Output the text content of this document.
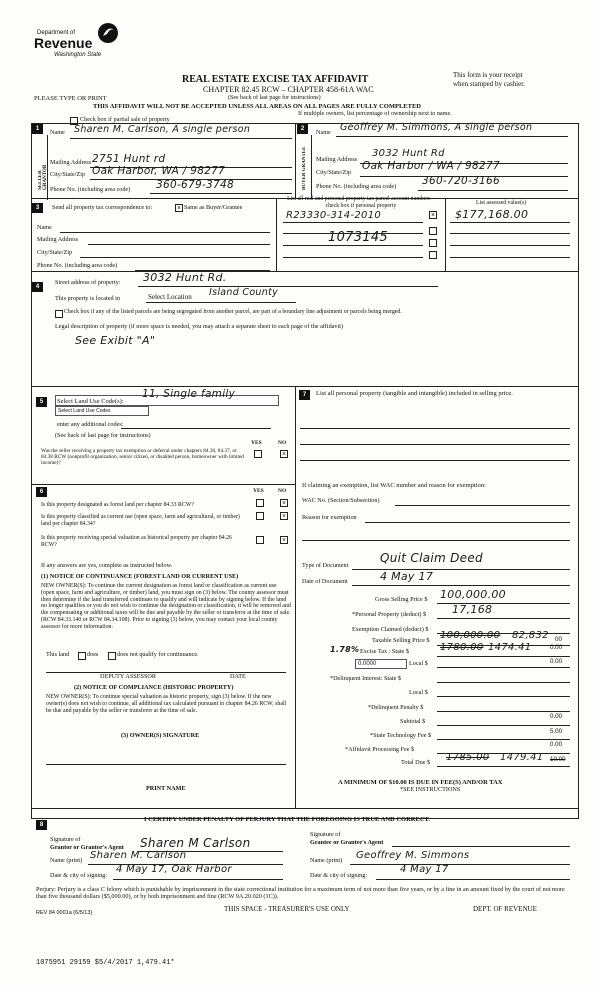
Department of
Revenue
Washington State
REAL ESTATE EXCISE TAX AFFIDAVIT
CHAPTER 82.45 RCW – CHAPTER 458-61A WAC
(See back of last page for instructions)
This form is your receipt
when stamped by cashier.
PLEASE TYPE OR PRINT
THIS AFFIDAVIT WILL NOT BE ACCEPTED UNLESS ALL AREAS ON ALL PAGES ARE FULLY COMPLETED
Check box if partial sale of property
If multiple owners, list percentage of ownership next to name.
1
SELLER GRANTOR
Name Sharen M. Carlson, A single person
Mailing Address 2751 Hunt rd
City/State/Zip Oak Harbor, WA / 98277
Phone No. (including area code) 360-679-3748
2
BUYER GRANTEE
Name Geoffrey M. Simmons, A single person
Mailing Address
3032 Hunt Rd
City/State/Zip
Oak Harbor / WA / 98277
Phone No. (including area code) 360-720-3166
3	Send all property tax correspondence to:	× Same as Buyer/Grantee
Name
Mailing Address
City/State/Zip
Phone No. (including area code)
List all real and personal property tax parcel account numbers – check box if personal property	List assessed value(s)
R23330-314-2010	× $177,168.00
1073145
4
Street address of property: 3032 Hunt Rd.
This property is located in	Select Location Island County
Check box if any of the listed parcels are being segregated from another parcel, are part of a boundary line adjustment or parcels being merged.
Legal description of property (if more space is needed, you may attach a separate sheet to each page of the affidavit)
See Exibit "A"
5	Select Land Use Code(s):
11, Single family
Select Land Use Codes
enter any additional codes:
(See back of last page for instructions)
YES	NO
Was the seller receiving a property tax exemption or deferral under chapters 84.36, 84.37, or 84.38 RCW (nonprofit organization, senior citizen, or disabled person, homeowner with limited income)?
×
7	List all personal property (tangible and intangible) included in selling price.
If claiming an exemption, list WAC number and reason for exemption:
WAC No. (Section/Subsection)
Reason for exemption
Type of Document
Quit Claim Deed
Date of Document	4 May 17
Gross Selling Price $ 100,000.00
*Personal Property (deduct) $ 17,168
Exemption Claimed (deduct) $
Taxable Selling Price $ 100,000.00 82,832 00
1.78% Excise Tax : State $	1780.00 1474.41	0.00
0.0000	Local $	0.00
*Delinquent Interest: State $
Local $
*Delinquent Penalty $
Subtotal $
0.00
*State Technology Fee $
5.00
*Affidavit Processing Fee $
0.00
Total Due $ 1785.00 1479.41 10.00
A MINIMUM OF $10.00 IS DUE IN FEE(S) AND/OR TAX
*SEE INSTRUCTIONS
6	YES	NO
Is this property designated as forest land per chapter 84.33 RCW?	×
Is this property classified as current use (open space, farm and agricultural, or timber) land per chapter 84.34?
×
Is this property receiving special valuation as historical property per chapter 84.26 RCW?
×
If any answers are yes, complete as instructed below.
(1) NOTICE OF CONTINUANCE (FOREST LAND OR CURRENT USE)
NEW OWNER(S): To continue the current designation as forest land or classification as current use (open space, farm and agriculture, or timber) land, you must sign on (3) below. The county assessor must then determine if the land transferred continues to qualify and will indicate by signing below. If the land no longer qualifies or you do not wish to continue the designation or classification, it will be removed and the compensating or additional taxes will be due and payable by the seller or transferor at the time of sale. (RCW 84.33.140 or RCW 84.34.108). Prior to signing (3) below, you may contact your local county assessor for more information.
This land	does	does not qualify for continuance.
DEPUTY ASSESSOR	DATE
(2) NOTICE OF COMPLIANCE (HISTORIC PROPERTY)
NEW OWNER(S): To continue special valuation as historic property, sign (3) below. If the new owner(s) does not wish to continue, all additional tax calculated pursuant to chapter 84.26 RCW, shall be due and payable by the seller or transferor at the time of sale.
(3) OWNER(S) SIGNATURE
PRINT NAME
8
I CERTIFY UNDER PENALTY OF PERJURY THAT THE FOREGOING IS TRUE AND CORRECT.
Signature of
Grantor or Grantor's Agent Sharen M Carlson
Name (print) Sharen M. Carlson
Date & city of signing:
4 May 17, Oak Harbor
Signature of
Grantee or Grantee's Agent
Name (print) Geoffrey M. Simmons
Date & city of signing:
4 May 17
Perjury: Perjury is a class C felony which is punishable by imprisonment in the state correctional institution for a maximum term of not more than five years, or by a fine in an amount fixed by the court of not more than five thousand dollars ($5,000.00), or by both imprisonment and fine (RCW 9A.20.020 (1C)).
REV 84 0001a (6/5/13)	THIS SPACE - TREASURER'S USE ONLY	DEPT. OF REVENUE
1075951 29159 $5/4/2017 1,479.41*
